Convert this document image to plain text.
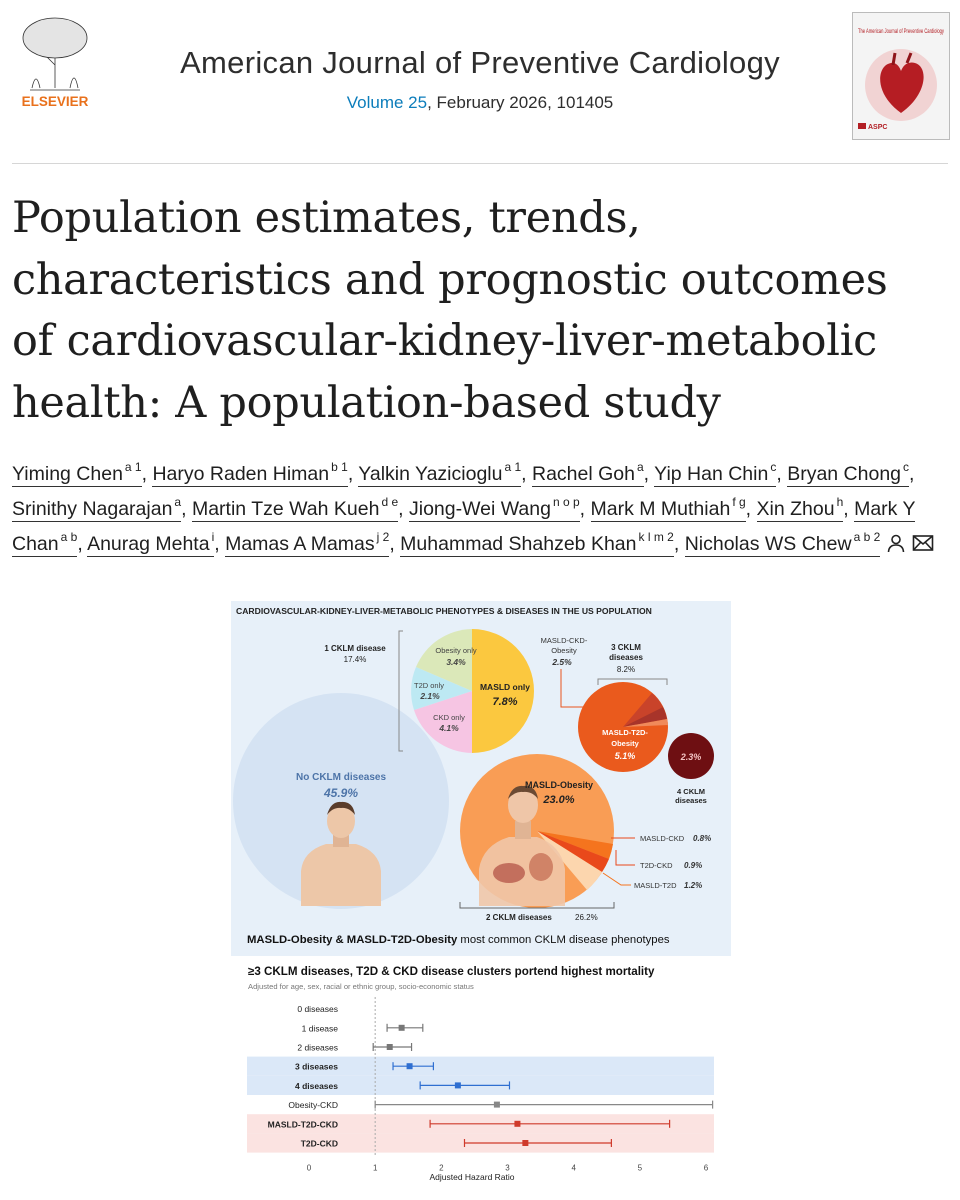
ELSEVIER
American Journal of Preventive Cardiology
Volume 25, February 2026, 101405
The American Journal of Preventive Cardiology
ASPC
Population estimates, trends, characteristics and prognostic outcomes of cardiovascular-kidney-liver-metabolic health: A population-based study
Yiming Chen $^{a 1}$, Haryo Raden Himan $^{b 1}$, Yalkin Yazicioglu $^{a 1}$, Rachel Goh $^a$, Yip Han Chin $^c$, Bryan Chong $^c$, Srinithy Nagarajan $^a$, Martin Tze Wah Kueh $^{d e}$, Jiong-Wei Wang $^{n o p}$, Mark M Muthiah $^{f g}$, Xin Zhou $^h$, Mark Y Chan $^{a b}$, Anurag Mehta $^i$, Mamas A Mamas $^{j 2}$, Muhammad Shahzeb Khan $^{k l m 2}$, Nicholas WS Chew $^{a b 2}$
CARDIOVASCULAR-KIDNEY-LIVER-METABOLIC PHENOTYPES & DISEASES IN THE US POPULATION
No CKLM diseases
45.9%
1 CKLM disease
17.4%
Obesity only
3.4%
T2D only
2.1%
CKD only
4.1%
MASLD only
7.8%
MASLD-CKD-
Obesity
2.5%
3 CKLM
diseases
8.2%
MASLD-T2D-
Obesity
5.1%	2.3%
4 CKLM
diseases
MASLD-Obesity
23.0%
MASLD-CKD 0.8%
T2D-CKD 0.9%
MASLD-T2D 1.2%
2 CKLM diseases	26.2%
MASLD-Obesity & MASLD-T2D-Obesity most common CKLM disease phenotypes
≥3 CKLM diseases, T2D & CKD disease clusters portend highest mortality
Adjusted for age, sex, racial or ethnic group, socio-economic status
0 diseases
1 disease
2 diseases
3 diseases
4 diseases
Obesity-CKD
MASLD-T2D-CKD
T2D-CKD
0	1	2	3	4	5	6
Adjusted Hazard Ratio
